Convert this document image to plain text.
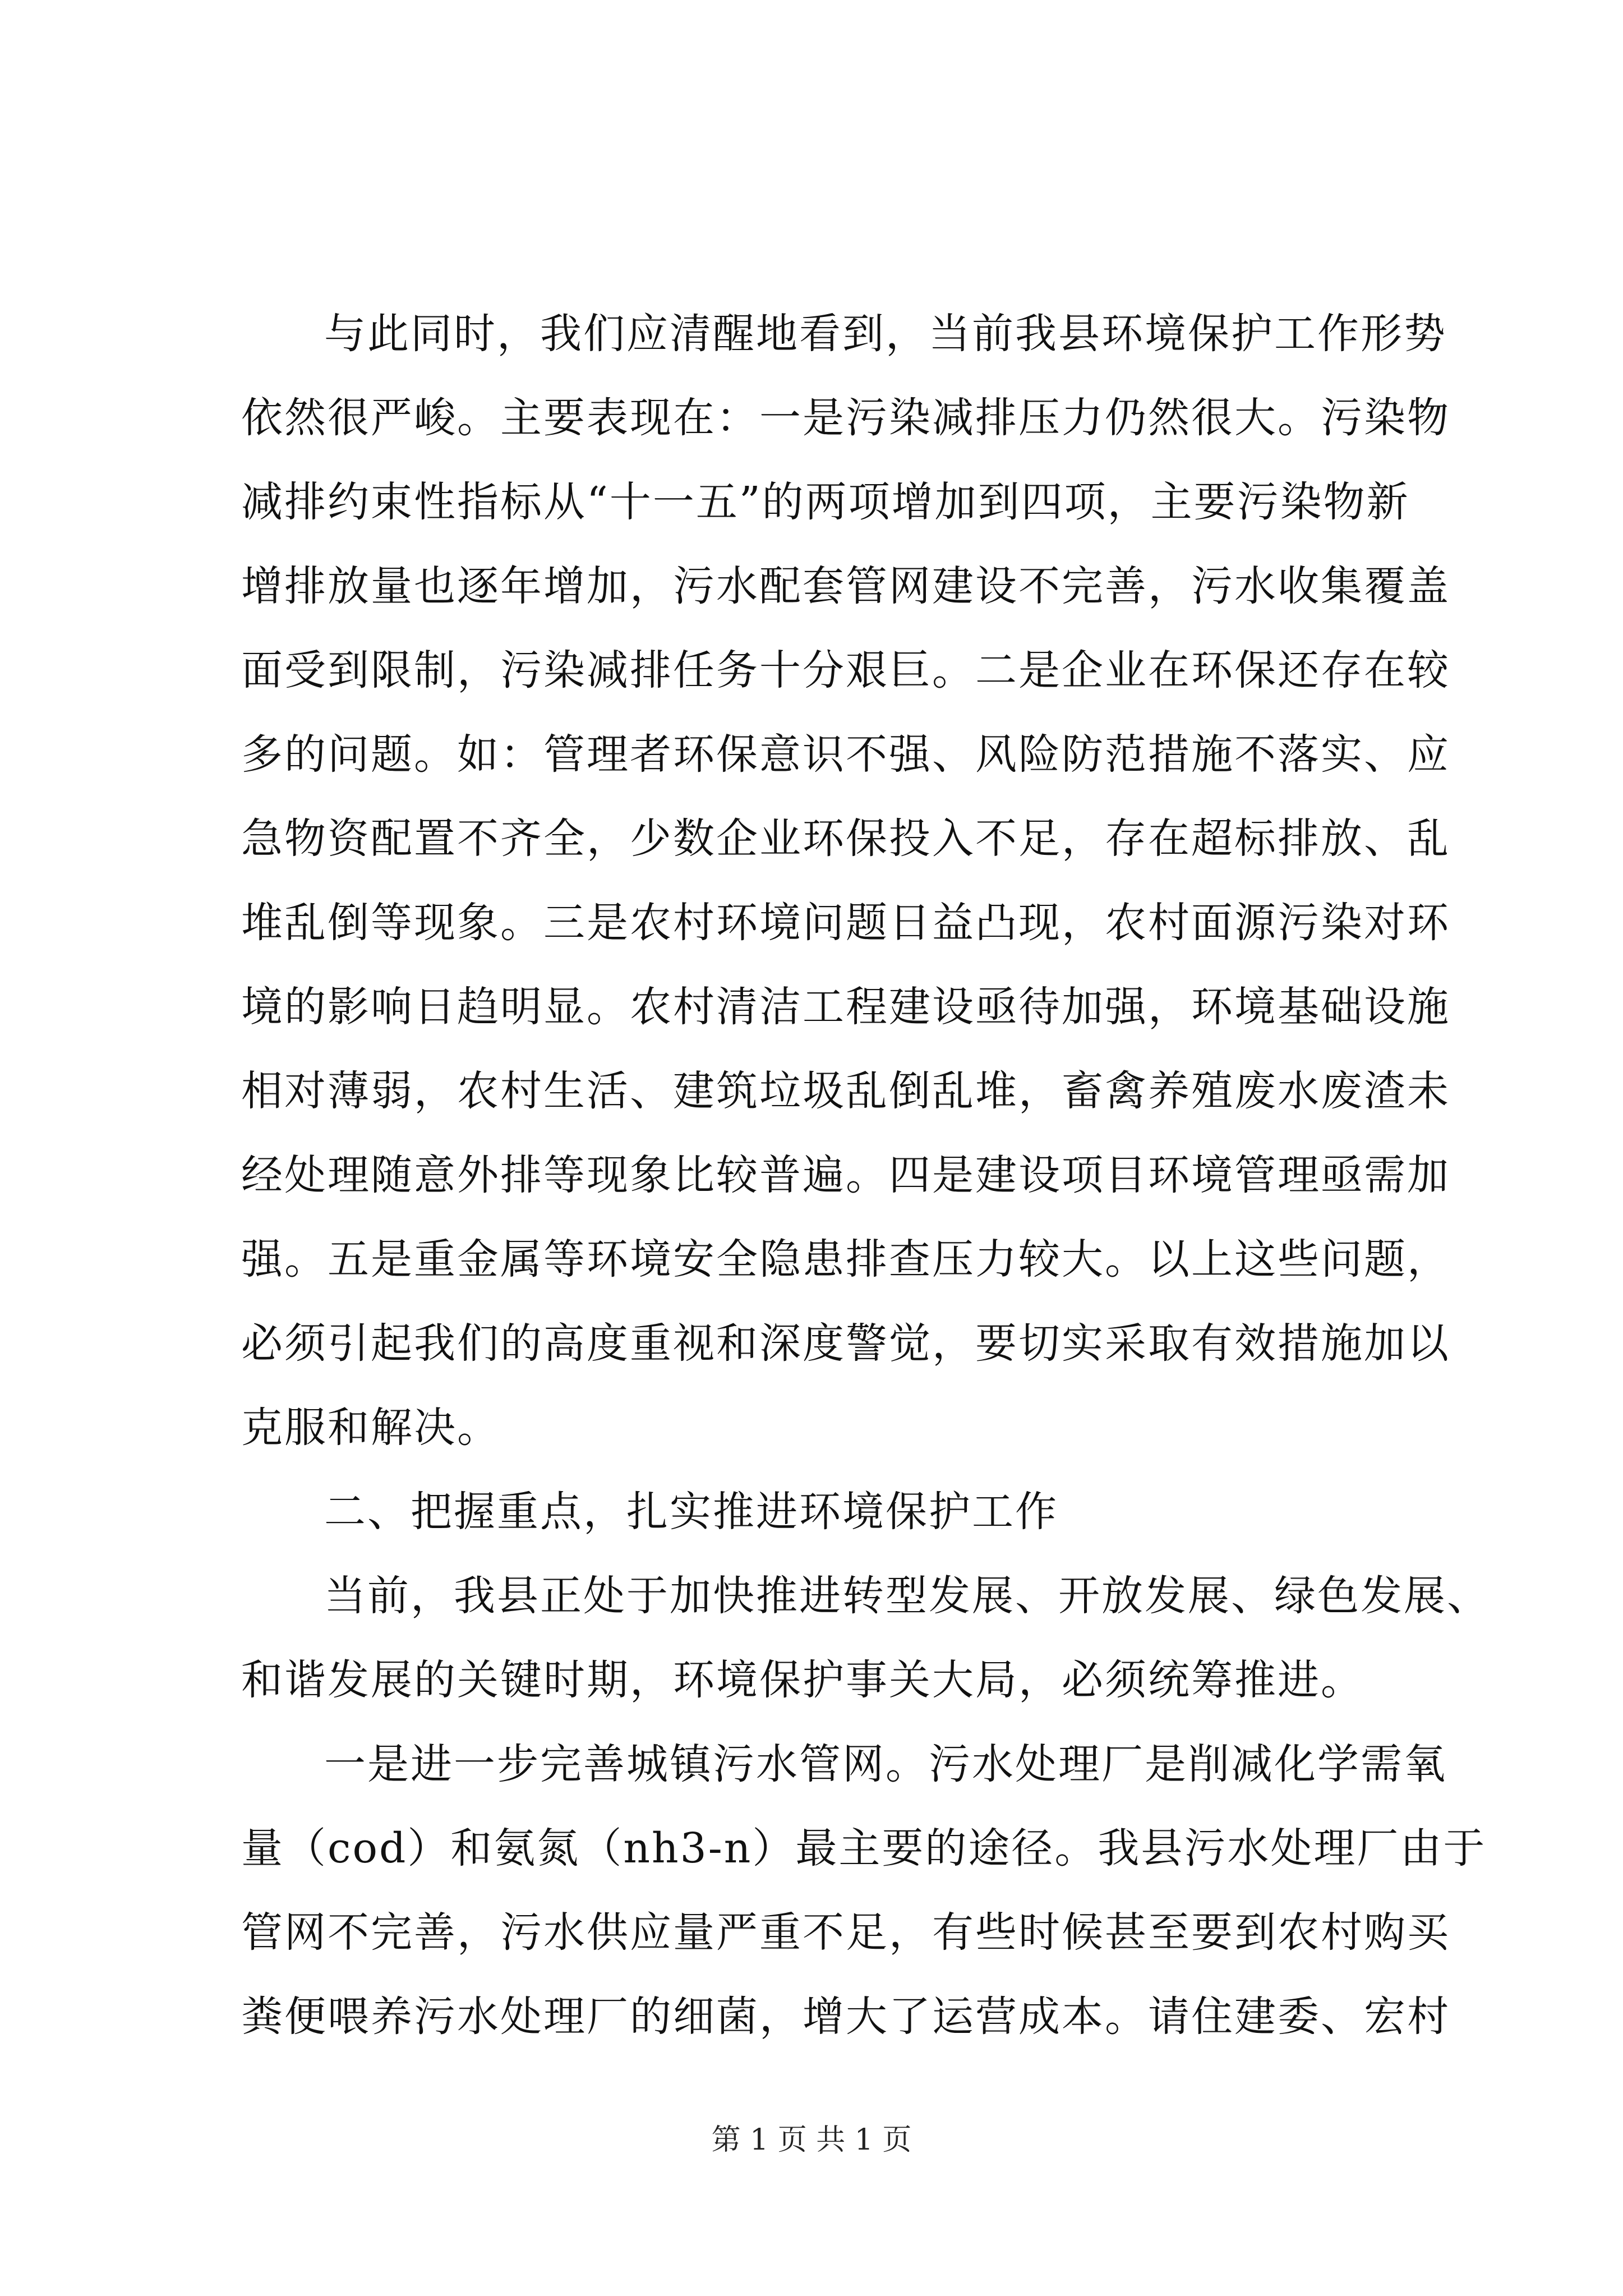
与此同时，我们应清醒地看到，当前我县环境保护工作形势
依然很严峻。主要表现在：一是污染减排压力仍然很大。污染物
减排约束性指标从“十一五”的两项增加到四项，主要污染物新
增排放量也逐年增加，污水配套管网建设不完善，污水收集覆盖
面受到限制，污染减排任务十分艰巨。二是企业在环保还存在较
多的问题。如：管理者环保意识不强、风险防范措施不落实、应
急物资配置不齐全，少数企业环保投入不足，存在超标排放、乱
堆乱倒等现象。三是农村环境问题日益凸现，农村面源污染对环
境的影响日趋明显。农村清洁工程建设亟待加强，环境基础设施
相对薄弱，农村生活、建筑垃圾乱倒乱堆，畜禽养殖废水废渣未
经处理随意外排等现象比较普遍。四是建设项目环境管理亟需加
强。五是重金属等环境安全隐患排查压力较大。以上这些问题，
必须引起我们的高度重视和深度警觉，要切实采取有效措施加以
克服和解决。

二、把握重点，扎实推进环境保护工作

当前，我县正处于加快推进转型发展、开放发展、绿色发展、
和谐发展的关键时期，环境保护事关大局，必须统筹推进。

一是进一步完善城镇污水管网。污水处理厂是削减化学需氧
量（cod）和氨氮（nh3-n）最主要的途径。我县污水处理厂由于
管网不完善，污水供应量严重不足，有些时候甚至要到农村购买
粪便喂养污水处理厂的细菌，增大了运营成本。请住建委、宏村

第 1 页 共 1 页
